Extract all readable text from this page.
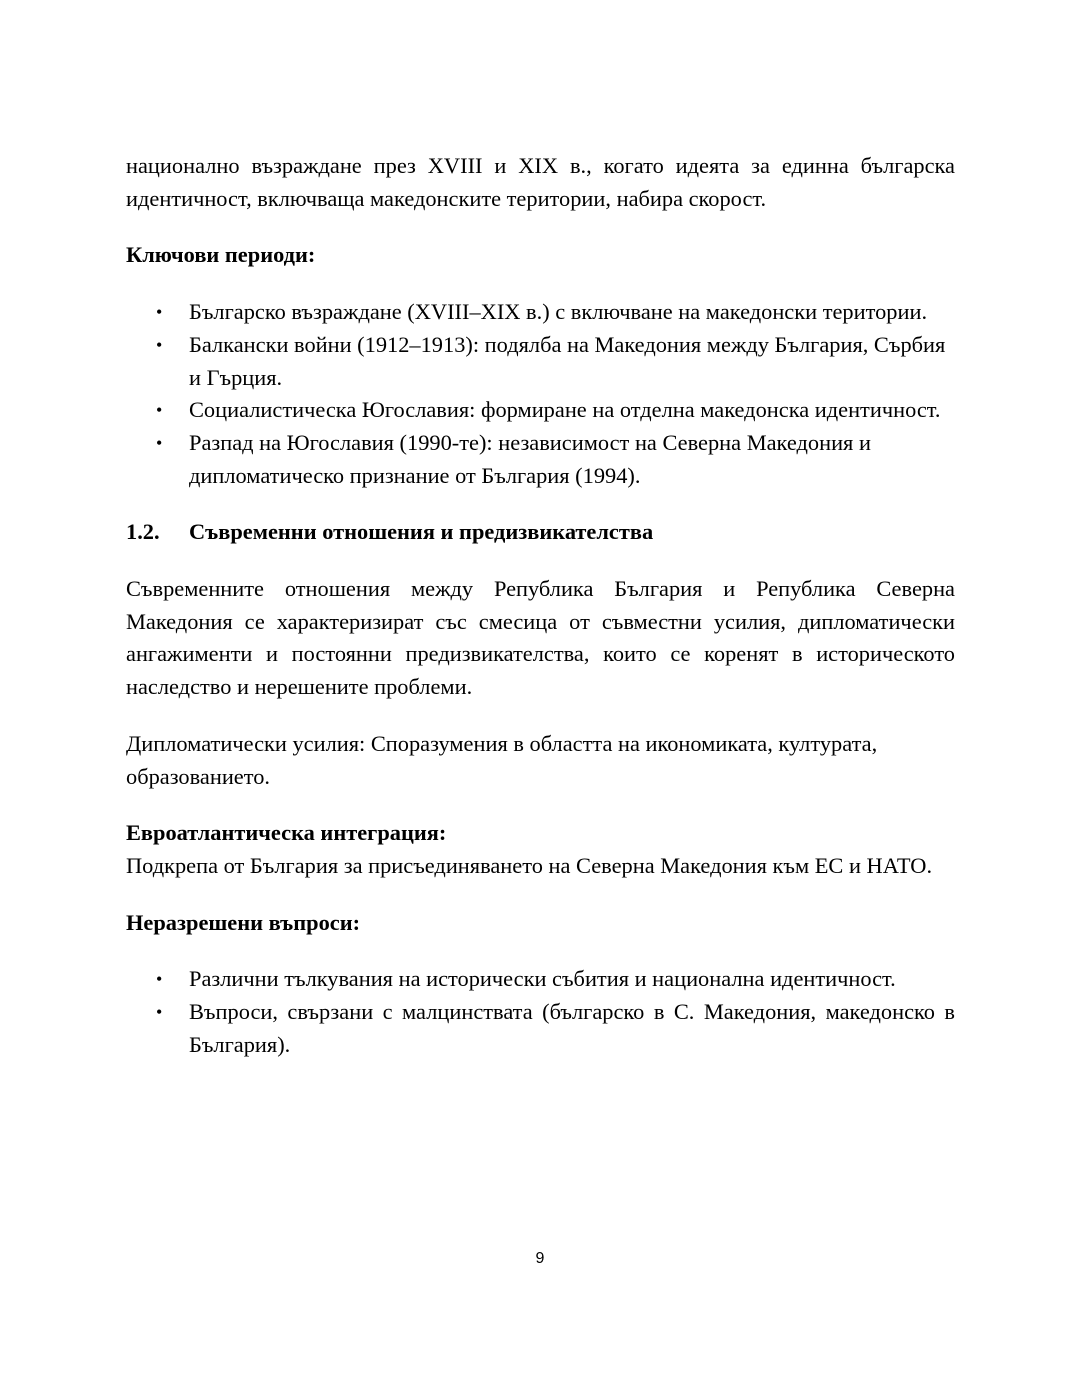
национално възраждане през XVIII и XIX в., когато идеята за единна българска идентичност, включваща македонските територии, набира скорост.

Ключови периоди:

• Българско възраждане (XVIII–XIX в.) с включване на македонски територии.
• Балкански войни (1912–1913): подялба на Македония между България, Сърбия и Гърция.
• Социалистическа Югославия: формиране на отделна македонска идентичност.
• Разпад на Югославия (1990-те): независимост на Северна Македония и дипломатическо признание от България (1994).
1.2.	Съвременни отношения и предизвикателства

Съвременните отношения между Република България и Република Северна Македония се характеризират със смесица от съвместни усилия, дипломатически ангажименти и постоянни предизвикателства, които се коренят в историческото наследство и нерешените проблеми.

Дипломатически усилия: Споразумения в областта на икономиката, културата, образованието.

Евроатлантическа интеграция:

Подкрепа от България за присъединяването на Северна Македония към ЕС и НАТО.

Неразрешени въпроси:

• Различни тълкувания на исторически събития и национална идентичност.
• Въпроси, свързани с малцинствата (българско в С. Македония, македонско в България).
9
